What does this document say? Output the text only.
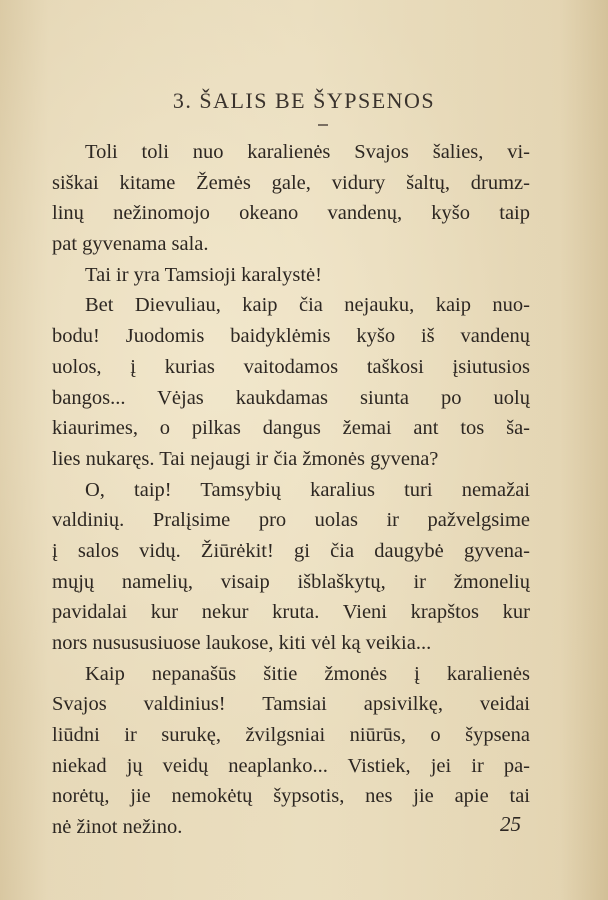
3. ŠALIS BE ŠYPSENOS
Toli toli nuo karalienės Svajos šalies, vi-
siškai kitame Žemės gale, vidury šaltų, drumz-
linų nežinomojo okeano vandenų, kyšo taip
pat gyvenama sala.
Tai ir yra Tamsioji karalystė!
Bet Dievuliau, kaip čia nejauku, kaip nuo-
bodu! Juodomis baidyklėmis kyšo iš vandenų
uolos, į kurias vaitodamos taškosi įsiutusios
bangos... Vėjas kaukdamas siunta po uolų
kiaurimes, o pilkas dangus žemai ant tos ša-
lies nukaręs. Tai nejaugi ir čia žmonės gyvena?
O, taip! Tamsybių karalius turi nemažai
valdinių. Pralįsime pro uolas ir pažvelgsime
į salos vidų. Žiūrėkit! gi čia daugybė gyvena-
mųjų namelių, visaip išblaškytų, ir žmonelių
pavidalai kur nekur kruta. Vieni krapštos kur
nors nusususiuose laukose, kiti vėl ką veikia...
Kaip nepanašūs šitie žmonės į karalienės
Svajos valdinius! Tamsiai apsivilkę, veidai
liūdni ir surukę, žvilgsniai niūrūs, o šypsena
niekad jų veidų neaplanko... Vistiek, jei ir pa-
norėtų, jie nemokėtų šypsotis, nes jie apie tai
nė žinot nežino.	25
